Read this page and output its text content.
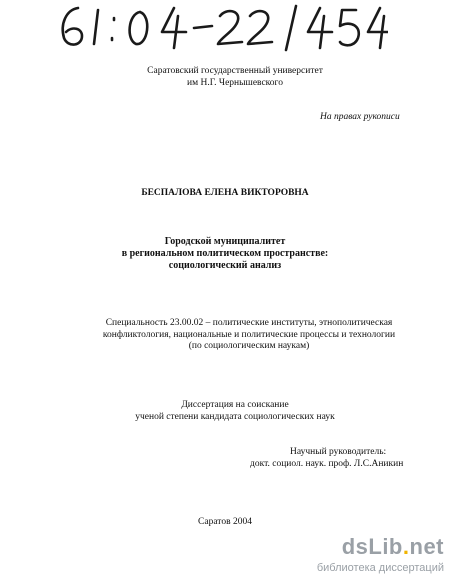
Саратовский государственный университет
им Н.Г. Чернышевского
На правах рукописи
БЕСПАЛОВА ЕЛЕНА ВИКТОРОВНА
Городской муниципалитет
в региональном политическом пространстве:
социологический анализ
Специальность 23.00.02 – политические институты, этнополитическая
конфликтология, национальные и политические процессы и технологии
(по социологическим наукам)
Диссертация на соискание
ученой степени кандидата социологических наук
Научный руководитель:
докт. социол. наук. проф. Л.С.Аникин
Саратов 2004
dsLib.net
библиотека диссертаций
